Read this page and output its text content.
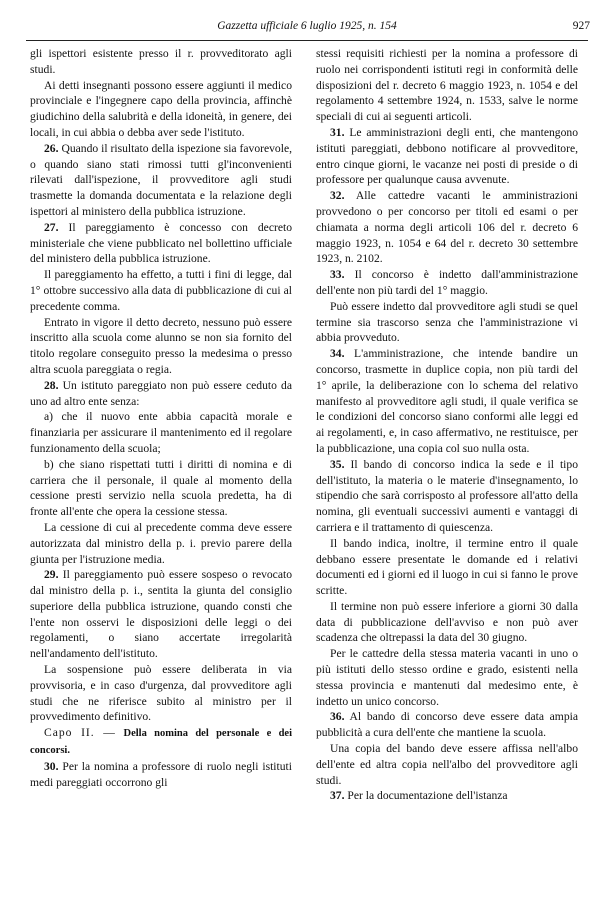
Gazzetta ufficiale 6 luglio 1925, n. 154	927

gli ispettori esistente presso il r. provveditorato agli studi.

Ai detti insegnanti possono essere aggiunti il medico provinciale e l'ingegnere capo della provincia, affinchè giudichino della salubrità e della idoneità, in genere, dei locali, in cui abbia o debba aver sede l'istituto.

26. Quando il risultato della ispezione sia favorevole, o quando siano stati rimossi tutti gl'inconvenienti rilevati dall'ispezione, il provveditore agli studi trasmette la domanda documentata e la relazione degli ispettori al ministero della pubblica istruzione.

27. Il pareggiamento è concesso con decreto ministeriale che viene pubblicato nel bollettino ufficiale del ministero della pubblica istruzione.

Il pareggiamento ha effetto, a tutti i fini di legge, dal 1° ottobre successivo alla data di pubblicazione di cui al precedente comma.

Entrato in vigore il detto decreto, nessuno può essere inscritto alla scuola come alunno se non sia fornito del titolo regolare conseguito presso la medesima o presso altra scuola pareggiata o regia.

28. Un istituto pareggiato non può essere ceduto da uno ad altro ente senza:

a) che il nuovo ente abbia capacità morale e finanziaria per assicurare il mantenimento ed il regolare funzionamento della scuola;

b) che siano rispettati tutti i diritti di nomina e di carriera che il personale, il quale al momento della cessione presti servizio nella scuola predetta, ha di fronte all'ente che opera la cessione stessa.

La cessione di cui al precedente comma deve essere autorizzata dal ministro della p. i. previo parere della giunta per l'istruzione media.

29. Il pareggiamento può essere sospeso o revocato dal ministro della p. i., sentita la giunta del consiglio superiore della pubblica istruzione, quando consti che l'ente non osservi le disposizioni delle leggi o dei regolamenti, o siano accertate irregolarità nell'andamento dell'istituto.

La sospensione può essere deliberata in via provvisoria, e in caso d'urgenza, dal provveditore agli studi che ne riferisce subito al ministro per il provvedimento definitivo.

Capo II. — Della nomina del personale e dei concorsi.

30. Per la nomina a professore di ruolo negli istituti medi pareggiati occorrono gli

stessi requisiti richiesti per la nomina a professore di ruolo nei corrispondenti istituti regi in conformità delle disposizioni del r. decreto 6 maggio 1923, n. 1054 e del regolamento 4 settembre 1924, n. 1533, salve le norme speciali di cui ai seguenti articoli.

31. Le amministrazioni degli enti, che mantengono istituti pareggiati, debbono notificare al provveditore, entro cinque giorni, le vacanze nei posti di preside o di professore per qualunque causa avvenute.

32. Alle cattedre vacanti le amministrazioni provvedono o per concorso per titoli ed esami o per chiamata a norma degli articoli 106 del r. decreto 6 maggio 1923, n. 1054 e 64 del r. decreto 30 settembre 1923, n. 2102.

33. Il concorso è indetto dall'amministrazione dell'ente non più tardi del 1° maggio.

Può essere indetto dal provveditore agli studi se quel termine sia trascorso senza che l'amministrazione vi abbia provveduto.

34. L'amministrazione, che intende bandire un concorso, trasmette in duplice copia, non più tardi del 1° aprile, la deliberazione con lo schema del relativo manifesto al provveditore agli studi, il quale verifica se le condizioni del concorso siano conformi alle leggi ed ai regolamenti, e, in caso affermativo, ne restituisce, per la pubblicazione, una copia col suo nulla osta.

35. Il bando di concorso indica la sede e il tipo dell'istituto, la materia o le materie d'insegnamento, lo stipendio che sarà corrisposto al professore all'atto della nomina, gli eventuali successivi aumenti e vantaggi di carriera e il trattamento di quiescenza.

Il bando indica, inoltre, il termine entro il quale debbano essere presentate le domande ed i relativi documenti ed i giorni ed il luogo in cui si fanno le prove scritte.

Il termine non può essere inferiore a giorni 30 dalla data di pubblicazione dell'avviso e non può aver scadenza che oltrepassi la data del 30 giugno.

Per le cattedre della stessa materia vacanti in uno o più istituti dello stesso ordine e grado, esistenti nella stessa provincia e mantenuti dal medesimo ente, è indetto un unico concorso.

36. Al bando di concorso deve essere data ampia pubblicità a cura dell'ente che mantiene la scuola.

Una copia del bando deve essere affissa nell'albo dell'ente ed altra copia nell'albo del provveditore agli studi.

37. Per la documentazione dell'istanza
